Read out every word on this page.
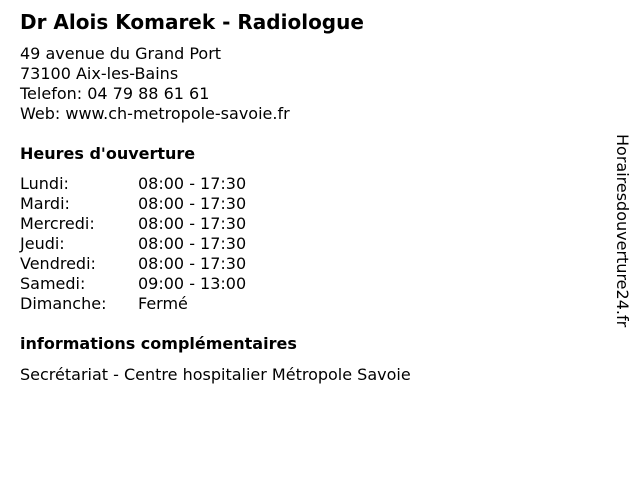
Dr Alois Komarek - Radiologue
49 avenue du Grand Port
73100 Aix-les-Bains
Telefon: 04 79 88 61 61
Web: www.ch-metropole-savoie.fr
Heures d'ouverture
Lundi:	08:00 - 17:30
Mardi:	08:00 - 17:30
Mercredi:	08:00 - 17:30
Jeudi:	08:00 - 17:30
Vendredi:	08:00 - 17:30
Samedi:	09:00 - 13:00
Dimanche:	Fermé
informations complémentaires
Secrétariat - Centre hospitalier Métropole Savoie
Horairesdouverture24.fr
